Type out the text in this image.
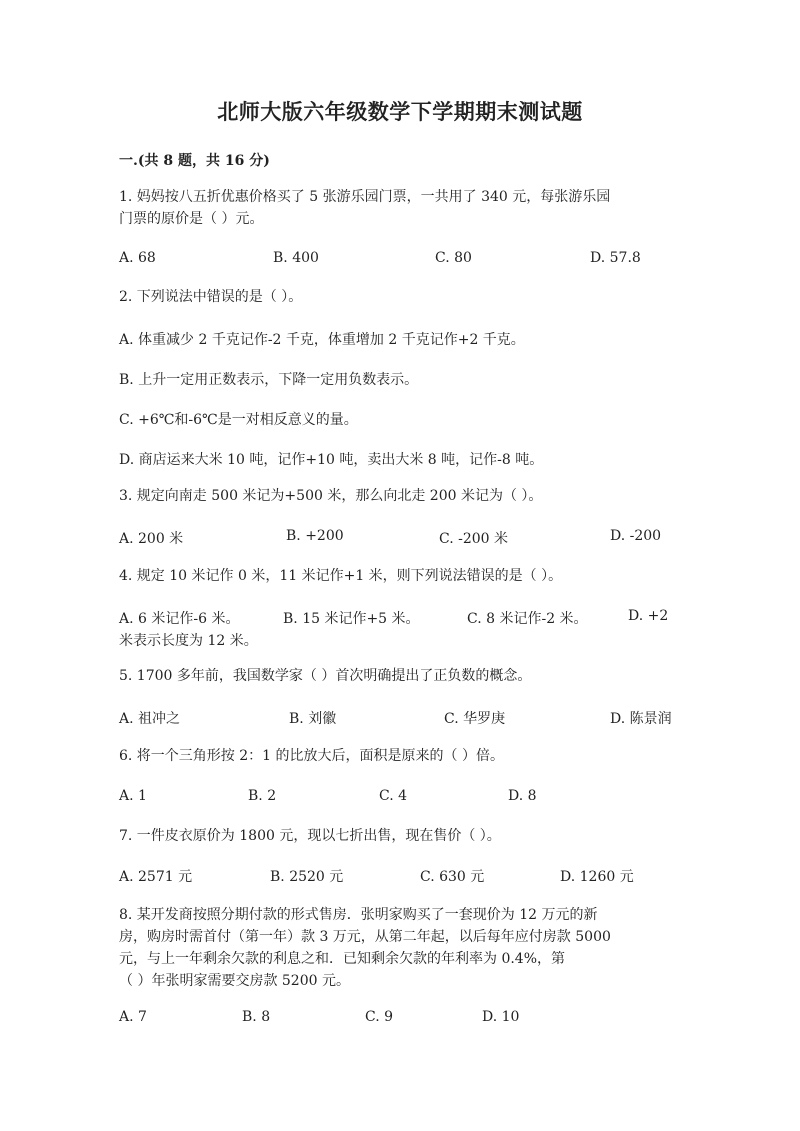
北师大版六年级数学下学期期末测试题
一.(共 8 题，共 16 分)
1. 妈妈按八五折优惠价格买了 5 张游乐园门票，一共用了 340 元，每张游乐园
门票的原价是（ ）元。
A. 68	B. 400	C. 80	D. 57.8
2. 下列说法中错误的是（ ）。
A. 体重减少 2 千克记作-2 千克，体重增加 2 千克记作+2 千克。
B. 上升一定用正数表示，下降一定用负数表示。
C. +6℃和-6℃是一对相反意义的量。
D. 商店运来大米 10 吨，记作+10 吨，卖出大米 8 吨，记作-8 吨。
3. 规定向南走 500 米记为+500 米，那么向北走 200 米记为（ ）。
A. 200 米	B. +200	C. -200 米	D. -200
4. 规定 10 米记作 0 米，11 米记作+1 米，则下列说法错误的是（ ）。
A. 6 米记作-6 米。	B. 15 米记作+5 米。	C. 8 米记作-2 米。	D. +2
米表示长度为 12 米。
5. 1700 多年前，我国数学家（ ）首次明确提出了正负数的概念。
A. 祖冲之	B. 刘徽	C. 华罗庚	D. 陈景润
6. 将一个三角形按 2：1 的比放大后，面积是原来的（ ）倍。
A. 1	B. 2	C. 4	D. 8
7. 一件皮衣原价为 1800 元，现以七折出售，现在售价（ ）。
A. 2571 元	B. 2520 元	C. 630 元	D. 1260 元
8. 某开发商按照分期付款的形式售房．张明家购买了一套现价为 12 万元的新
房，购房时需首付（第一年）款 3 万元，从第二年起，以后每年应付房款 5000
元，与上一年剩余欠款的利息之和．已知剩余欠款的年利率为 0.4%，第
（ ）年张明家需要交房款 5200 元。
A. 7	B. 8	C. 9	D. 10
